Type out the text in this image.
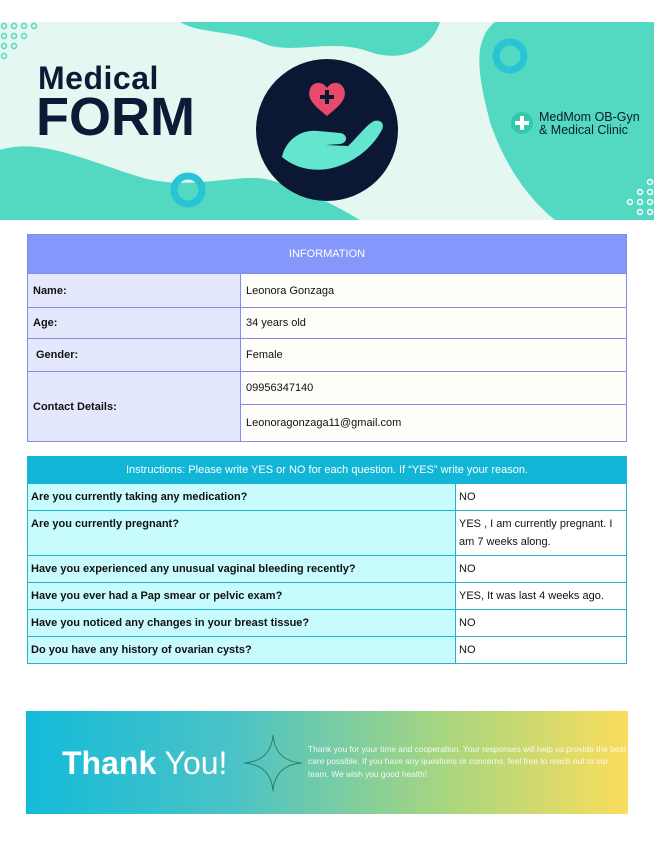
Medical
FORM	MedMom OB-Gyn
& Medical Clinic
INFORMATION	
Name:	Leonora Gonzaga
Age:	34 years old
Gender:	Female
Contact Details:	09956347140
	Leonoragonzaga11@gmail.com
Instructions: Please write YES or NO for each question. If “YES” write your reason.	
Are you currently taking any medication?	NO
Are you currently pregnant?	YES , I am currently pregnant. I am 7 weeks along.
Have you experienced any unusual vaginal bleeding recently?	NO
Have you ever had a Pap smear or pelvic exam?	YES, It was last 4 weeks ago.
Have you noticed any changes in your breast tissue?	NO
Do you have any history of ovarian cysts?	NO
Thank You!	Thank you for your time and cooperation. Your responses will help us provide the best care possible. If you have any questions or concerns, feel free to reach out to our team. We wish you good health!
